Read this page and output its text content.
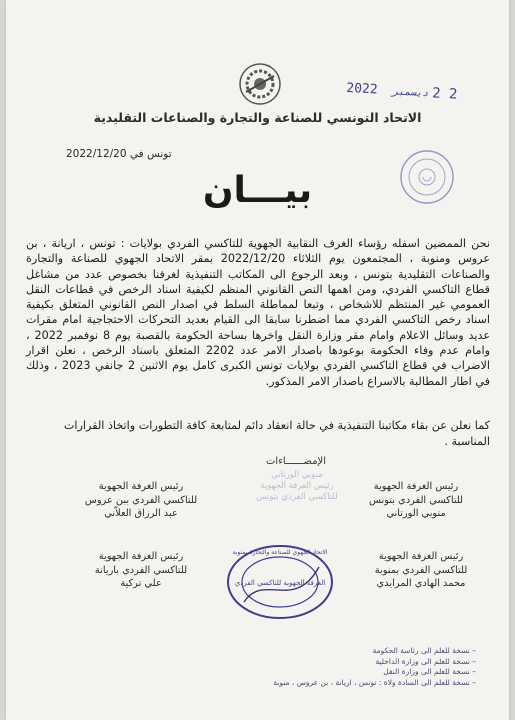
2022 ديسمبر 2 2
الاتحاد التونسي للصناعة والتجارة والصناعات التقليدية
تونس في 2022/12/20
بيـــان

نحن الممضين اسفله رؤساء الغرف النقابية الجهوية للتاكسي الفردي بولايات : تونس ، اريانة ، بن عروس ومنوبة ، المجتمعون يوم الثلاثاء 2022/12/20 بمقر الاتحاد الجهوي للصناعة والتجارة والصناعات التقليدية بتونس ، وبعد الرجوع الى المكاتب التنفيذية لغرفنا بخصوص عدد من مشاغل قطاع التاكسي الفردي، ومن اهمها النص القانوني المنظم لكيفية اسناد الرخص في قطاعات النقل العمومي غير المنتظم للاشخاص ، وتبعا لمماطلة السلط في اصدار النص القانوني المتعلق بكيفية اسناد رخص التاكسي الفردي مما اضطرنا سابقا الى القيام بعديد التحركات الاحتجاجية امام مقرات عديد وسائل الاعلام وامام مقر وزارة النقل واخرها بساحة الحكومة بالقصبة يوم 8 نوفمبر 2022 ، وامام عدم وفاء الحكومة بوعودها باصدار الامر عدد 2202 المتعلق باسناد الرخص ، نعلن اقرار الاضراب في قطاع التاكسي الفردي بولايات تونس الكبرى كامل يوم الاثنين 2 جانفي 2023 ، وذلك في اطار المطالبة بالاسراع باصدار الامر المذكور.

كما نعلن عن بقاء مكاتبنا التنفيذية في حالة انعقاد دائم لمتابعة كافة التطورات واتخاذ القرارات المناسبة .
الإمضــــــاءات
رئيس الغرفة الجهوية
للتاكسي الفردي بتونس
منوبي الورتاني
رئيس الغرفة الجهوية
للتاكسي الفردي ببن عروس
عبد الرزاق العلاّني
منوبي الورتاني
رئيس الغرفة الجهوية
للتاكسي الفردي بتونس
رئيس الغرفة الجهوية
للتاكسي الفردي بمنوبة
محمد الهادي المرايدي
رئيس الغرفة الجهوية
للتاكسي الفردي باريانة
علي تركية
الاتحاد الجهوي للصناعة والتجارة بمنوبة
الغرفة الجهوية للتاكسي الفردي
– نسخة للعلم الى رئاسة الحكومة
– نسخة للعلم الى وزارة الداخلية
– نسخة للعلم الى وزارة النقل
– نسخة للعلم الى السادة ولاة : تونس ، اريانة ، بن عروس ، منوبة
